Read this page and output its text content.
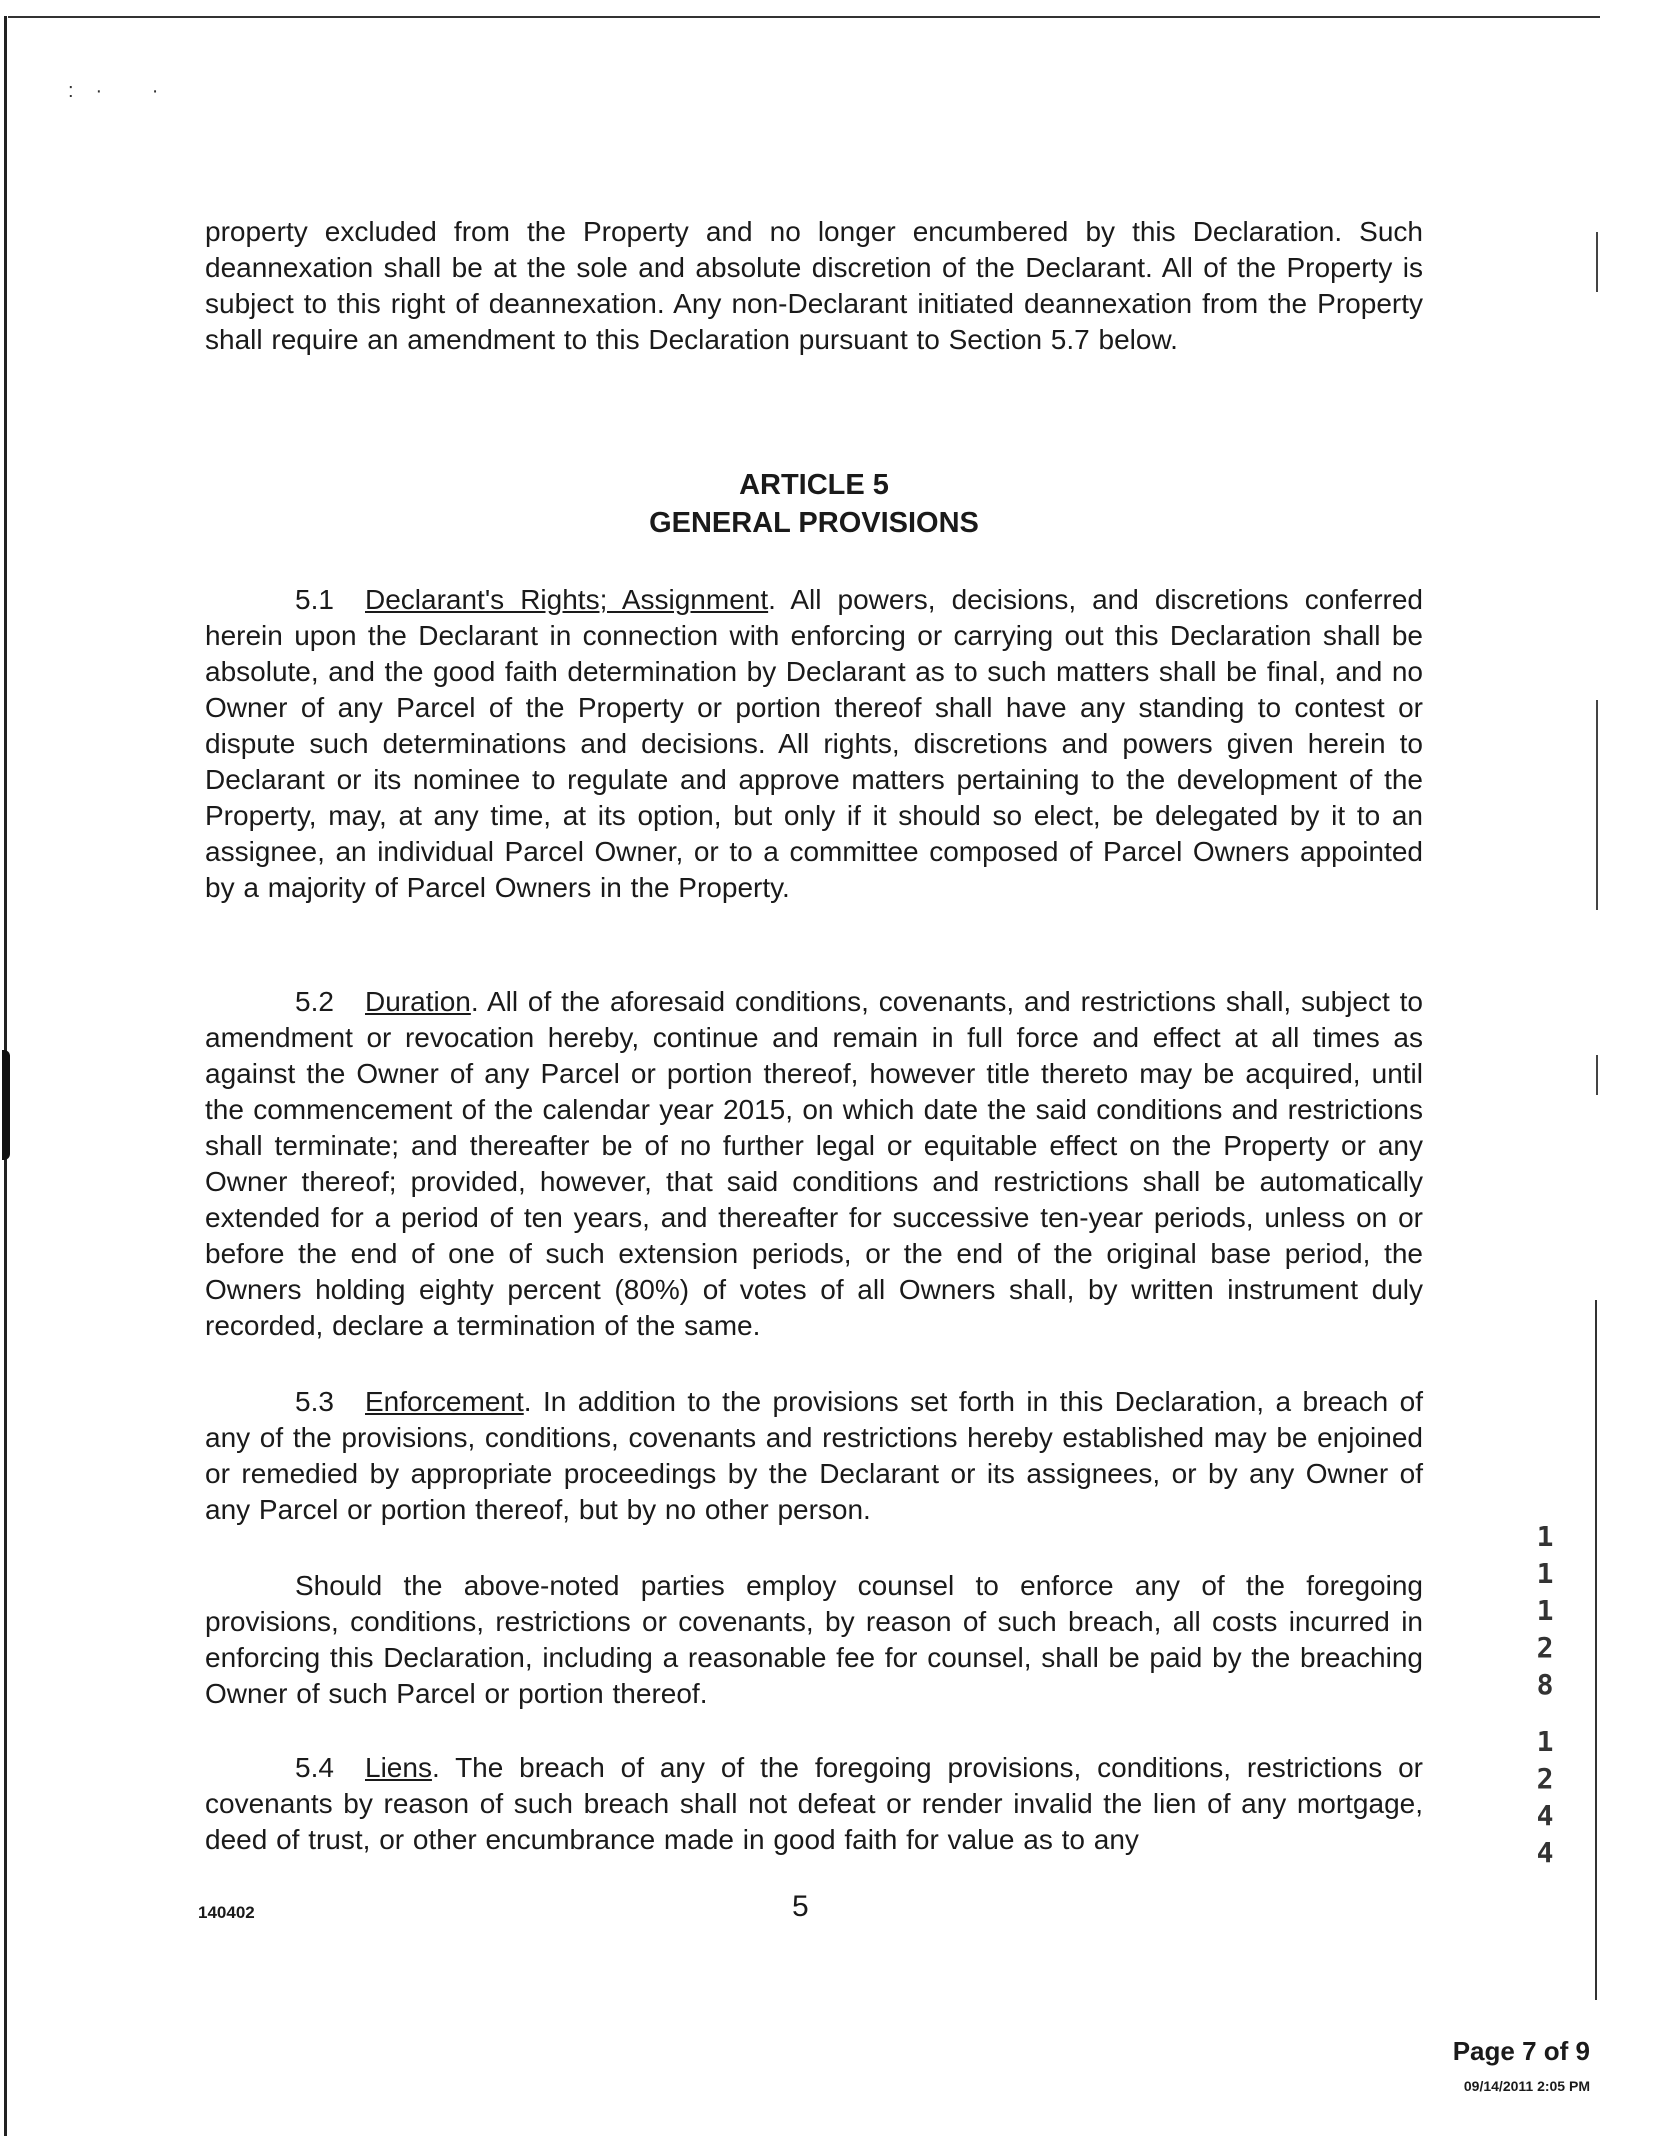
:· ·
property excluded from the Property and no longer encumbered by this Declaration. Such deannexation shall be at the sole and absolute discretion of the Declarant. All of the Property is subject to this right of deannexation. Any non-Declarant initiated deannexation from the Property shall require an amendment to this Declaration pursuant to Section 5.7 below.
ARTICLE 5
GENERAL PROVISIONS
5.1 Declarant's Rights; Assignment. All powers, decisions, and discretions conferred herein upon the Declarant in connection with enforcing or carrying out this Declaration shall be absolute, and the good faith determination by Declarant as to such matters shall be final, and no Owner of any Parcel of the Property or portion thereof shall have any standing to contest or dispute such determinations and decisions. All rights, discretions and powers given herein to Declarant or its nominee to regulate and approve matters pertaining to the development of the Property, may, at any time, at its option, but only if it should so elect, be delegated by it to an assignee, an individual Parcel Owner, or to a committee composed of Parcel Owners appointed by a majority of Parcel Owners in the Property.
5.2 Duration. All of the aforesaid conditions, covenants, and restrictions shall, subject to amendment or revocation hereby, continue and remain in full force and effect at all times as against the Owner of any Parcel or portion thereof, however title thereto may be acquired, until the commencement of the calendar year 2015, on which date the said conditions and restrictions shall terminate; and thereafter be of no further legal or equitable effect on the Property or any Owner thereof; provided, however, that said conditions and restrictions shall be automatically extended for a period of ten years, and thereafter for successive ten-year periods, unless on or before the end of one of such extension periods, or the end of the original base period, the Owners holding eighty percent (80%) of votes of all Owners shall, by written instrument duly recorded, declare a termination of the same.
5.3 Enforcement. In addition to the provisions set forth in this Declaration, a breach of any of the provisions, conditions, covenants and restrictions hereby established may be enjoined or remedied by appropriate proceedings by the Declarant or its assignees, or by any Owner of any Parcel or portion thereof, but by no other person.
Should the above-noted parties employ counsel to enforce any of the foregoing provisions, conditions, restrictions or covenants, by reason of such breach, all costs incurred in enforcing this Declaration, including a reasonable fee for counsel, shall be paid by the breaching Owner of such Parcel or portion thereof.
5.4 Liens. The breach of any of the foregoing provisions, conditions, restrictions or covenants by reason of such breach shall not defeat or render invalid the lien of any mortgage, deed of trust, or other encumbrance made in good faith for value as to any
1
1
1
2
8
1
2
4
4
140402	5
Page 7 of 9
09/14/2011 2:05 PM
